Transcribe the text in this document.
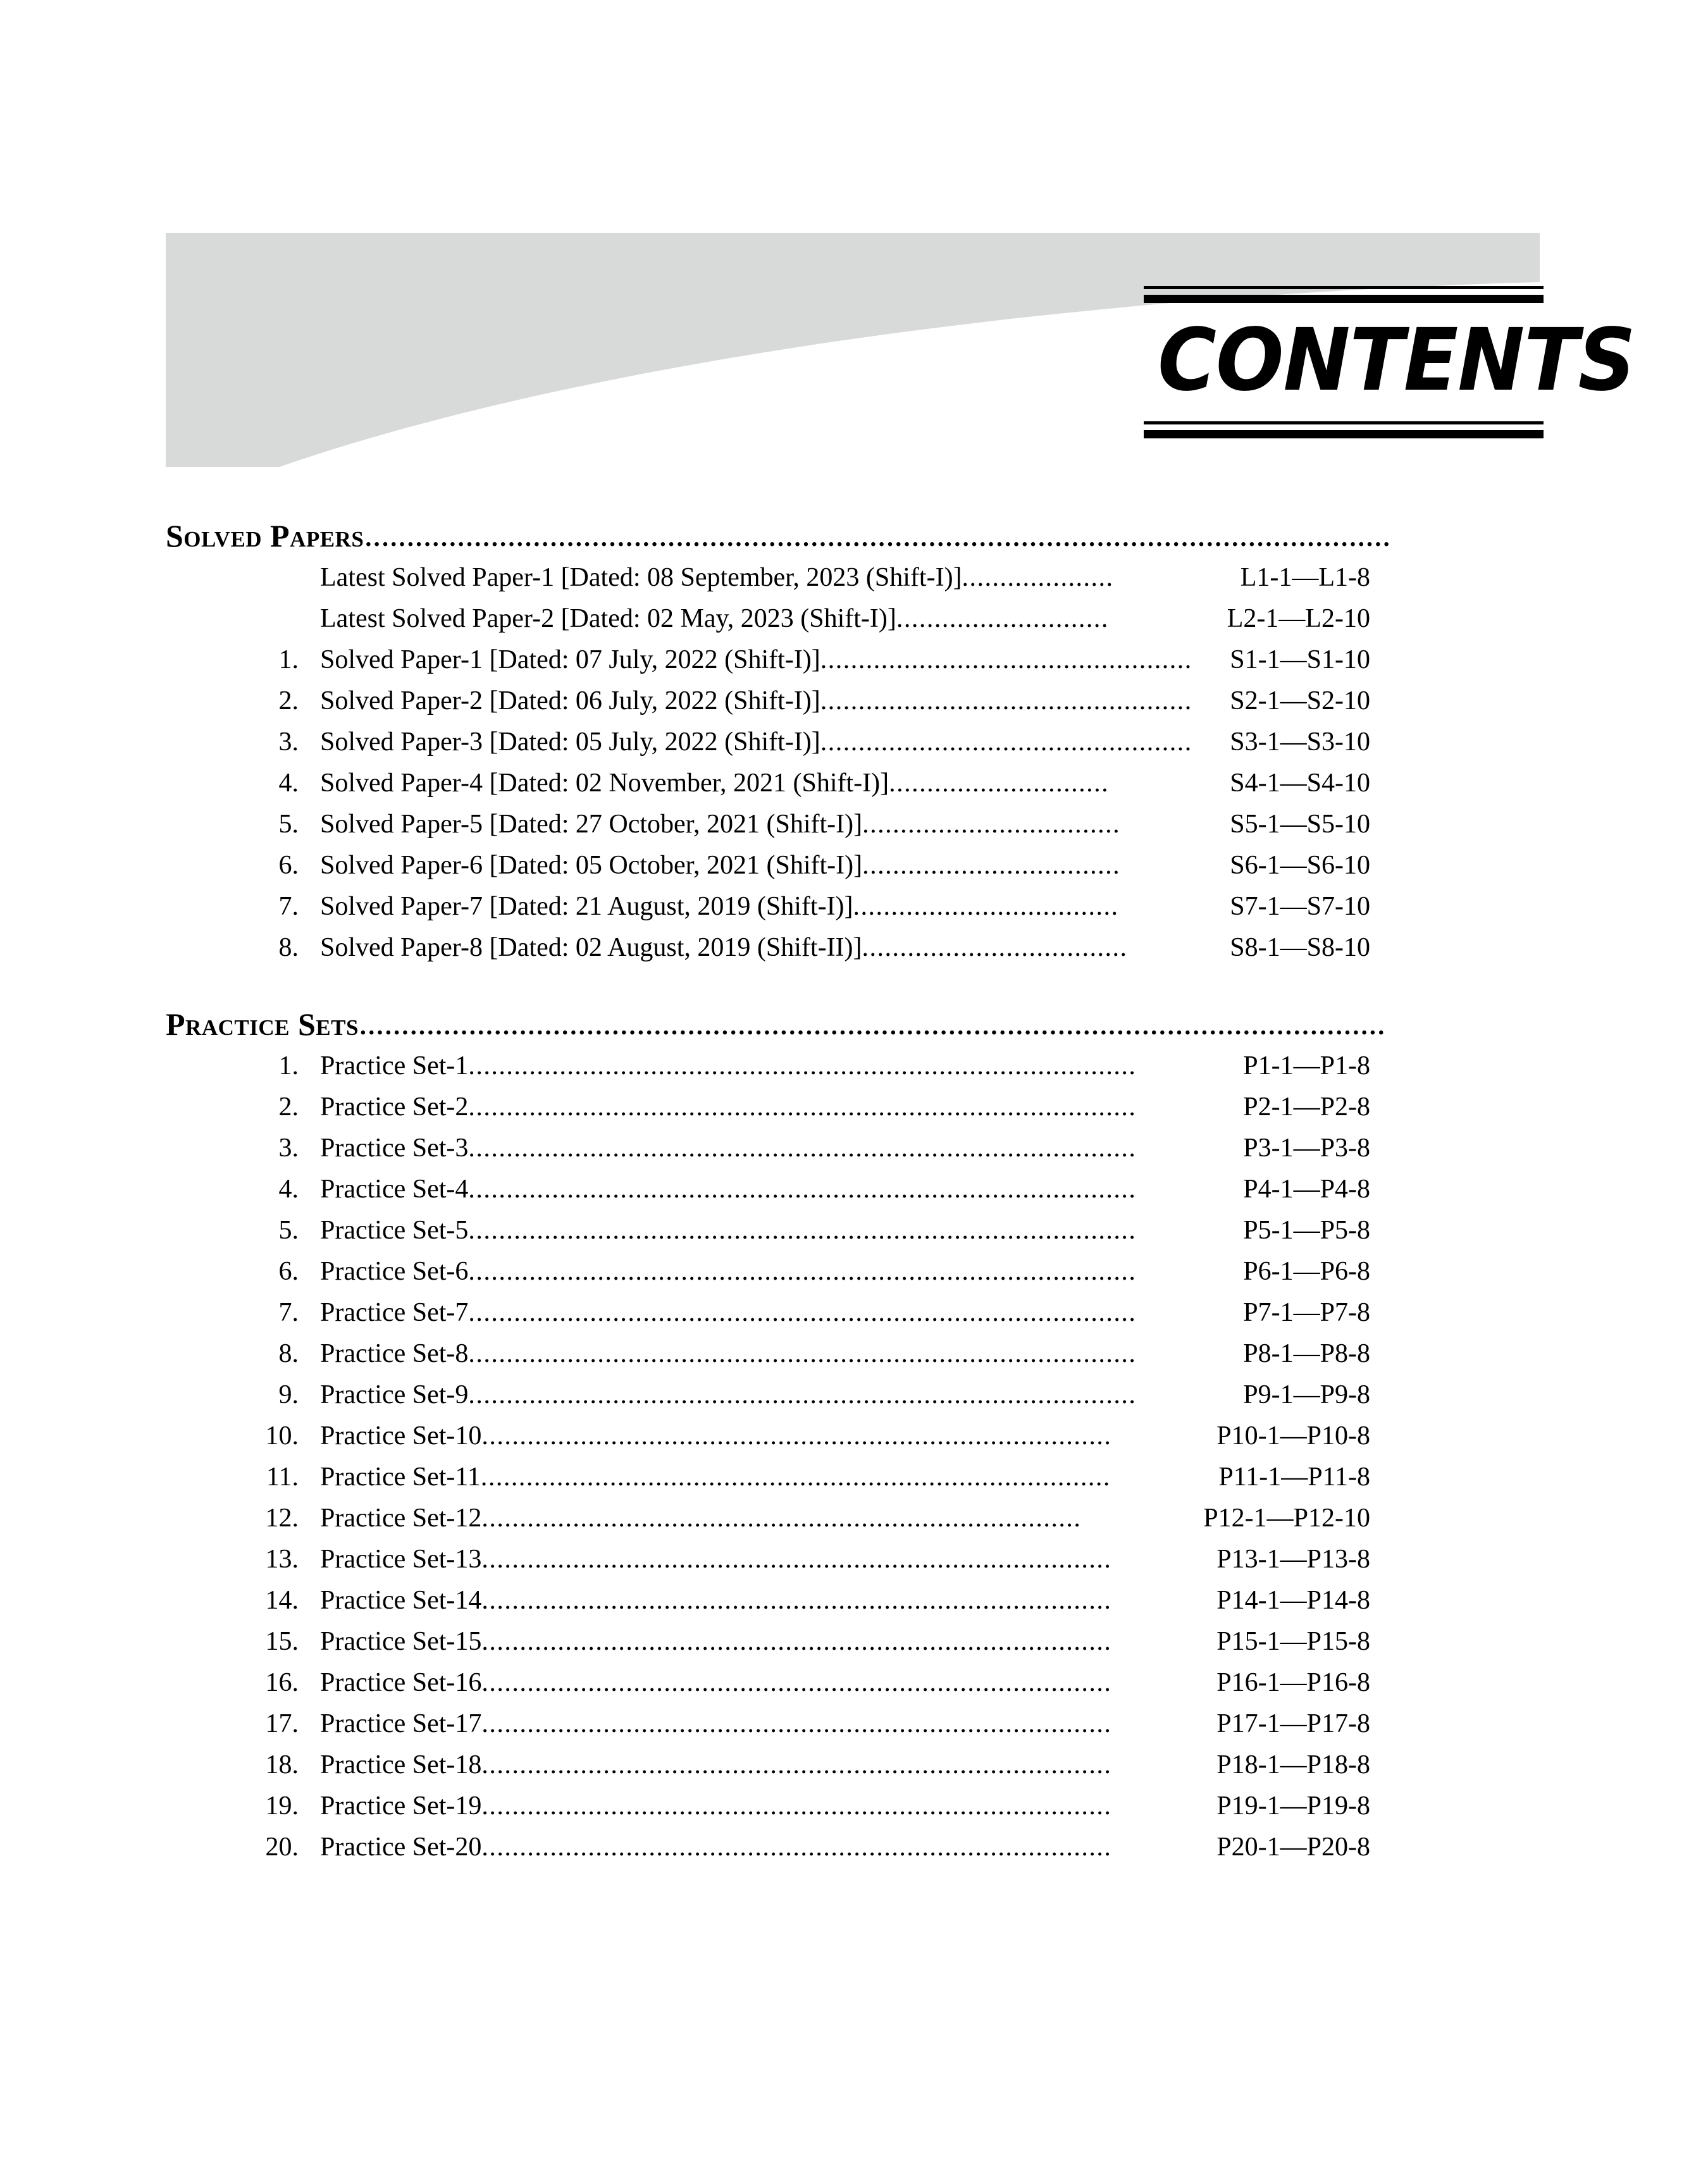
CONTENTS
Solved Papers ..........................................................................................................................
Latest Solved Paper-1 [Dated: 08 September, 2023 (Shift-I)] ....................	L1-1—L1-8
Latest Solved Paper-2 [Dated: 02 May, 2023 (Shift-I)] ............................	L2-1—L2-10
1. Solved Paper-1 [Dated: 07 July, 2022 (Shift-I)] .................................................	S1-1—S1-10
2. Solved Paper-2 [Dated: 06 July, 2022 (Shift-I)] .................................................	S2-1—S2-10
3. Solved Paper-3 [Dated: 05 July, 2022 (Shift-I)] .................................................	S3-1—S3-10
4. Solved Paper-4 [Dated: 02 November, 2021 (Shift-I)] .............................	S4-1—S4-10
5. Solved Paper-5 [Dated: 27 October, 2021 (Shift-I)] ..................................	S5-1—S5-10
6. Solved Paper-6 [Dated: 05 October, 2021 (Shift-I)] ..................................	S6-1—S6-10
7. Solved Paper-7 [Dated: 21 August, 2019 (Shift-I)] ...................................	S7-1—S7-10
8. Solved Paper-8 [Dated: 02 August, 2019 (Shift-II)] ...................................	S8-1—S8-10
Practice Sets ..........................................................................................................................
1. Practice Set-1 ........................................................................................	P1-1—P1-8
2. Practice Set-2 ........................................................................................	P2-1—P2-8
3. Practice Set-3 ........................................................................................	P3-1—P3-8
4. Practice Set-4 ........................................................................................	P4-1—P4-8
5. Practice Set-5 ........................................................................................	P5-1—P5-8
6. Practice Set-6 ........................................................................................	P6-1—P6-8
7. Practice Set-7 ........................................................................................	P7-1—P7-8
8. Practice Set-8 ........................................................................................	P8-1—P8-8
9. Practice Set-9 ........................................................................................	P9-1—P9-8
10. Practice Set-10 ...................................................................................	P10-1—P10-8
11. Practice Set-11 ...................................................................................	P11-1—P11-8
12. Practice Set-12 ...............................................................................	P12-1—P12-10
13. Practice Set-13 ...................................................................................	P13-1—P13-8
14. Practice Set-14 ...................................................................................	P14-1—P14-8
15. Practice Set-15 ...................................................................................	P15-1—P15-8
16. Practice Set-16 ...................................................................................	P16-1—P16-8
17. Practice Set-17 ...................................................................................	P17-1—P17-8
18. Practice Set-18 ...................................................................................	P18-1—P18-8
19. Practice Set-19 ...................................................................................	P19-1—P19-8
20. Practice Set-20 ...................................................................................	P20-1—P20-8
